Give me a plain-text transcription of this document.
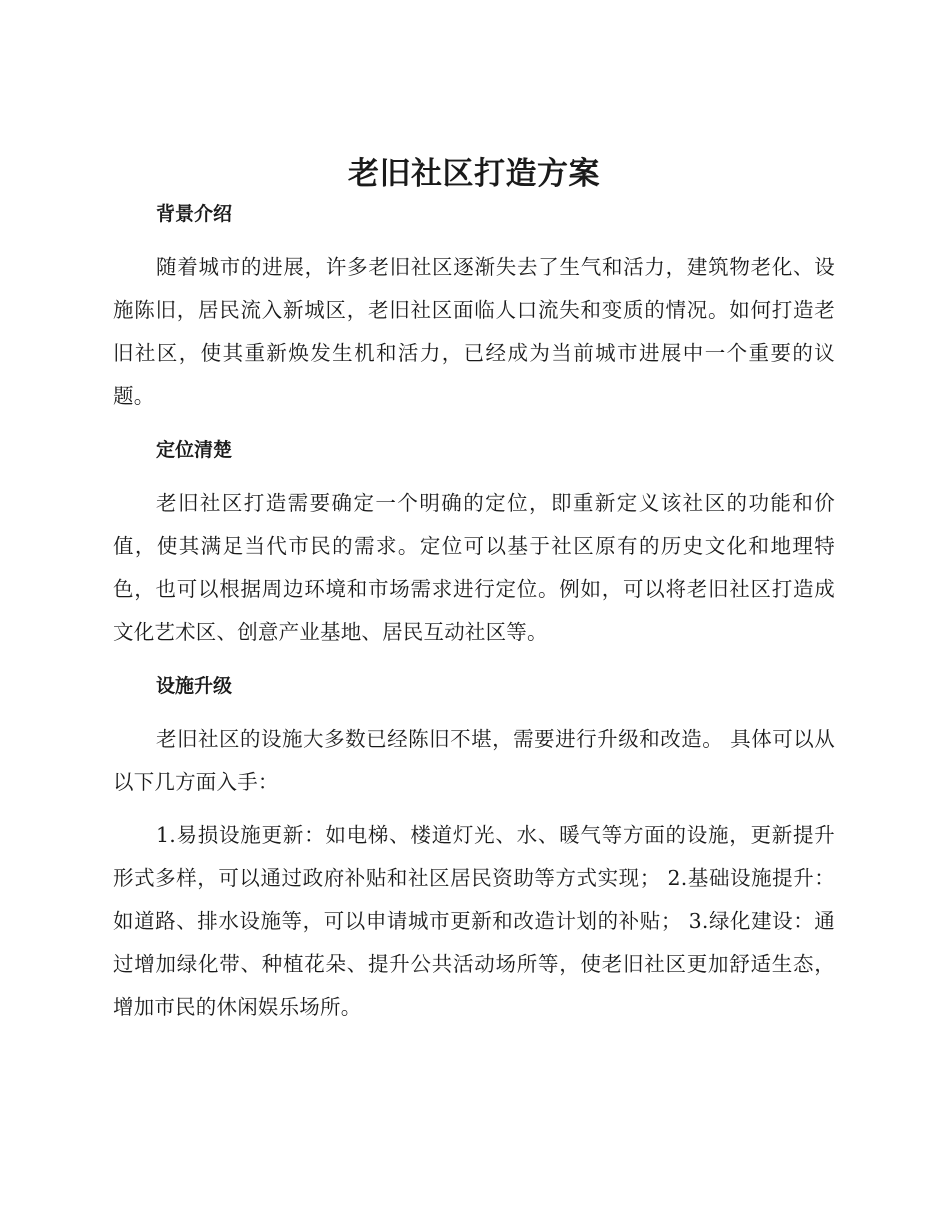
老旧社区打造方案
背景介绍

随着城市的进展，许多老旧社区逐渐失去了生气和活力，建筑物老化、设施陈旧，居民流入新城区，老旧社区面临人口流失和变质的情况。如何打造老旧社区，使其重新焕发生机和活力，已经成为当前城市进展中一个重要的议题。

定位清楚

老旧社区打造需要确定一个明确的定位，即重新定义该社区的功能和价值，使其满足当代市民的需求。定位可以基于社区原有的历史文化和地理特色，也可以根据周边环境和市场需求进行定位。例如，可以将老旧社区打造成文化艺术区、创意产业基地、居民互动社区等。

设施升级

老旧社区的设施大多数已经陈旧不堪，需要进行升级和改造。 具体可以从以下几方面入手：

1.易损设施更新：如电梯、楼道灯光、水、暖气等方面的设施，更新提升形式多样，可以通过政府补贴和社区居民资助等方式实现； 2.基础设施提升：如道路、排水设施等，可以申请城市更新和改造计划的补贴； 3.绿化建设：通过增加绿化带、种植花朵、提升公共活动场所等，使老旧社区更加舒适生态，增加市民的休闲娱乐场所。
